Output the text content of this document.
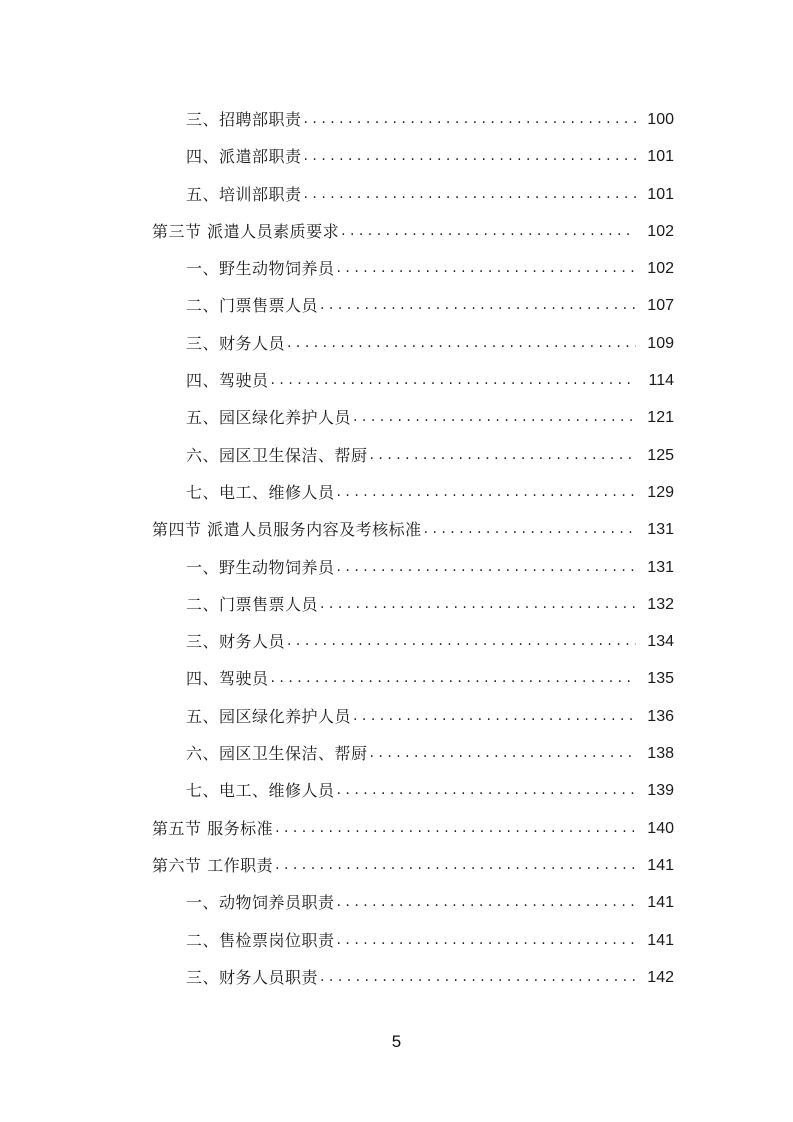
三、招聘部职责 . . .	100
四、派遣部职责 . . .	101
五、培训部职责 . . .	101
第三节 派遣人员素质要求 . . .	102
一、野生动物饲养员 . . .	102
二、门票售票人员 . . .	107
三、财务人员 . . .	109
四、驾驶员 . . .	114
五、园区绿化养护人员 . . .	121
六、园区卫生保洁、帮厨 . . .	125
七、电工、维修人员 . . .	129
第四节 派遣人员服务内容及考核标准 . . .	131
一、野生动物饲养员 . . .	131
二、门票售票人员 . . .	132
三、财务人员 . . .	134
四、驾驶员 . . .	135
五、园区绿化养护人员 . . .	136
六、园区卫生保洁、帮厨 . . .	138
七、电工、维修人员 . . .	139
第五节 服务标准 . . .	140
第六节 工作职责 . . .	141
一、动物饲养员职责 . . .	141
二、售检票岗位职责 . . .	141
三、财务人员职责 . . .	142
5
